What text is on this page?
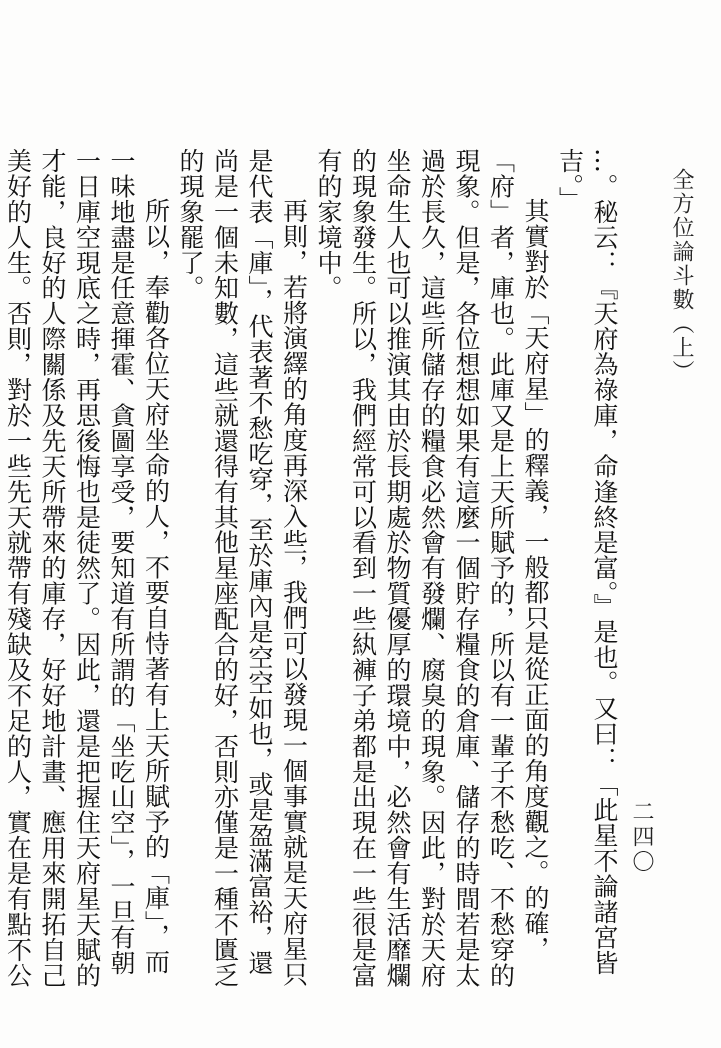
全方位論斗數（上）

…。秘云：『天府為祿庫，命逢終是富。』是也。又曰：「此星不論諸宮皆吉。」

其實對於「天府星」的釋義，一般都只是從正面的角度觀之。的確，「府」者，庫也。此庫又是上天所賦予的，所以有一輩子不愁吃、不愁穿的現象。但是，各位想想如果有這麼一個貯存糧食的倉庫、儲存的時間若是太過於長久，這些所儲存的糧食必然會有發爛、腐臭的現象。因此，對於天府坐命生人也可以推演其由於長期處於物質優厚的環境中，必然會有生活靡爛的現象發生。所以，我們經常可以看到一些紈褲子弟都是出現在一些很是富有的家境中。

再則，若將演繹的角度再深入些，我們可以發現一個事實就是天府星只是代表「庫」，代表著不愁吃穿，至於庫內是空空如也，或是盈滿富裕，還尚是一個未知數，這些就還得有其他星座配合的好，否則亦僅是一種不匱乏的現象罷了。

所以，奉勸各位天府坐命的人，不要自恃著有上天所賦予的「庫」，而一味地盡是任意揮霍、貪圖享受，要知道有所謂的「坐吃山空」，一旦有朝一日庫空現底之時，再思後悔也是徒然了。因此，還是把握住天府星天賦的才能，良好的人際關係及先天所帶來的庫存，好好地計畫、應用來開拓自己美好的人生。否則，對於一些先天就帶有殘缺及不足的人，實在是有點不公

二四〇
